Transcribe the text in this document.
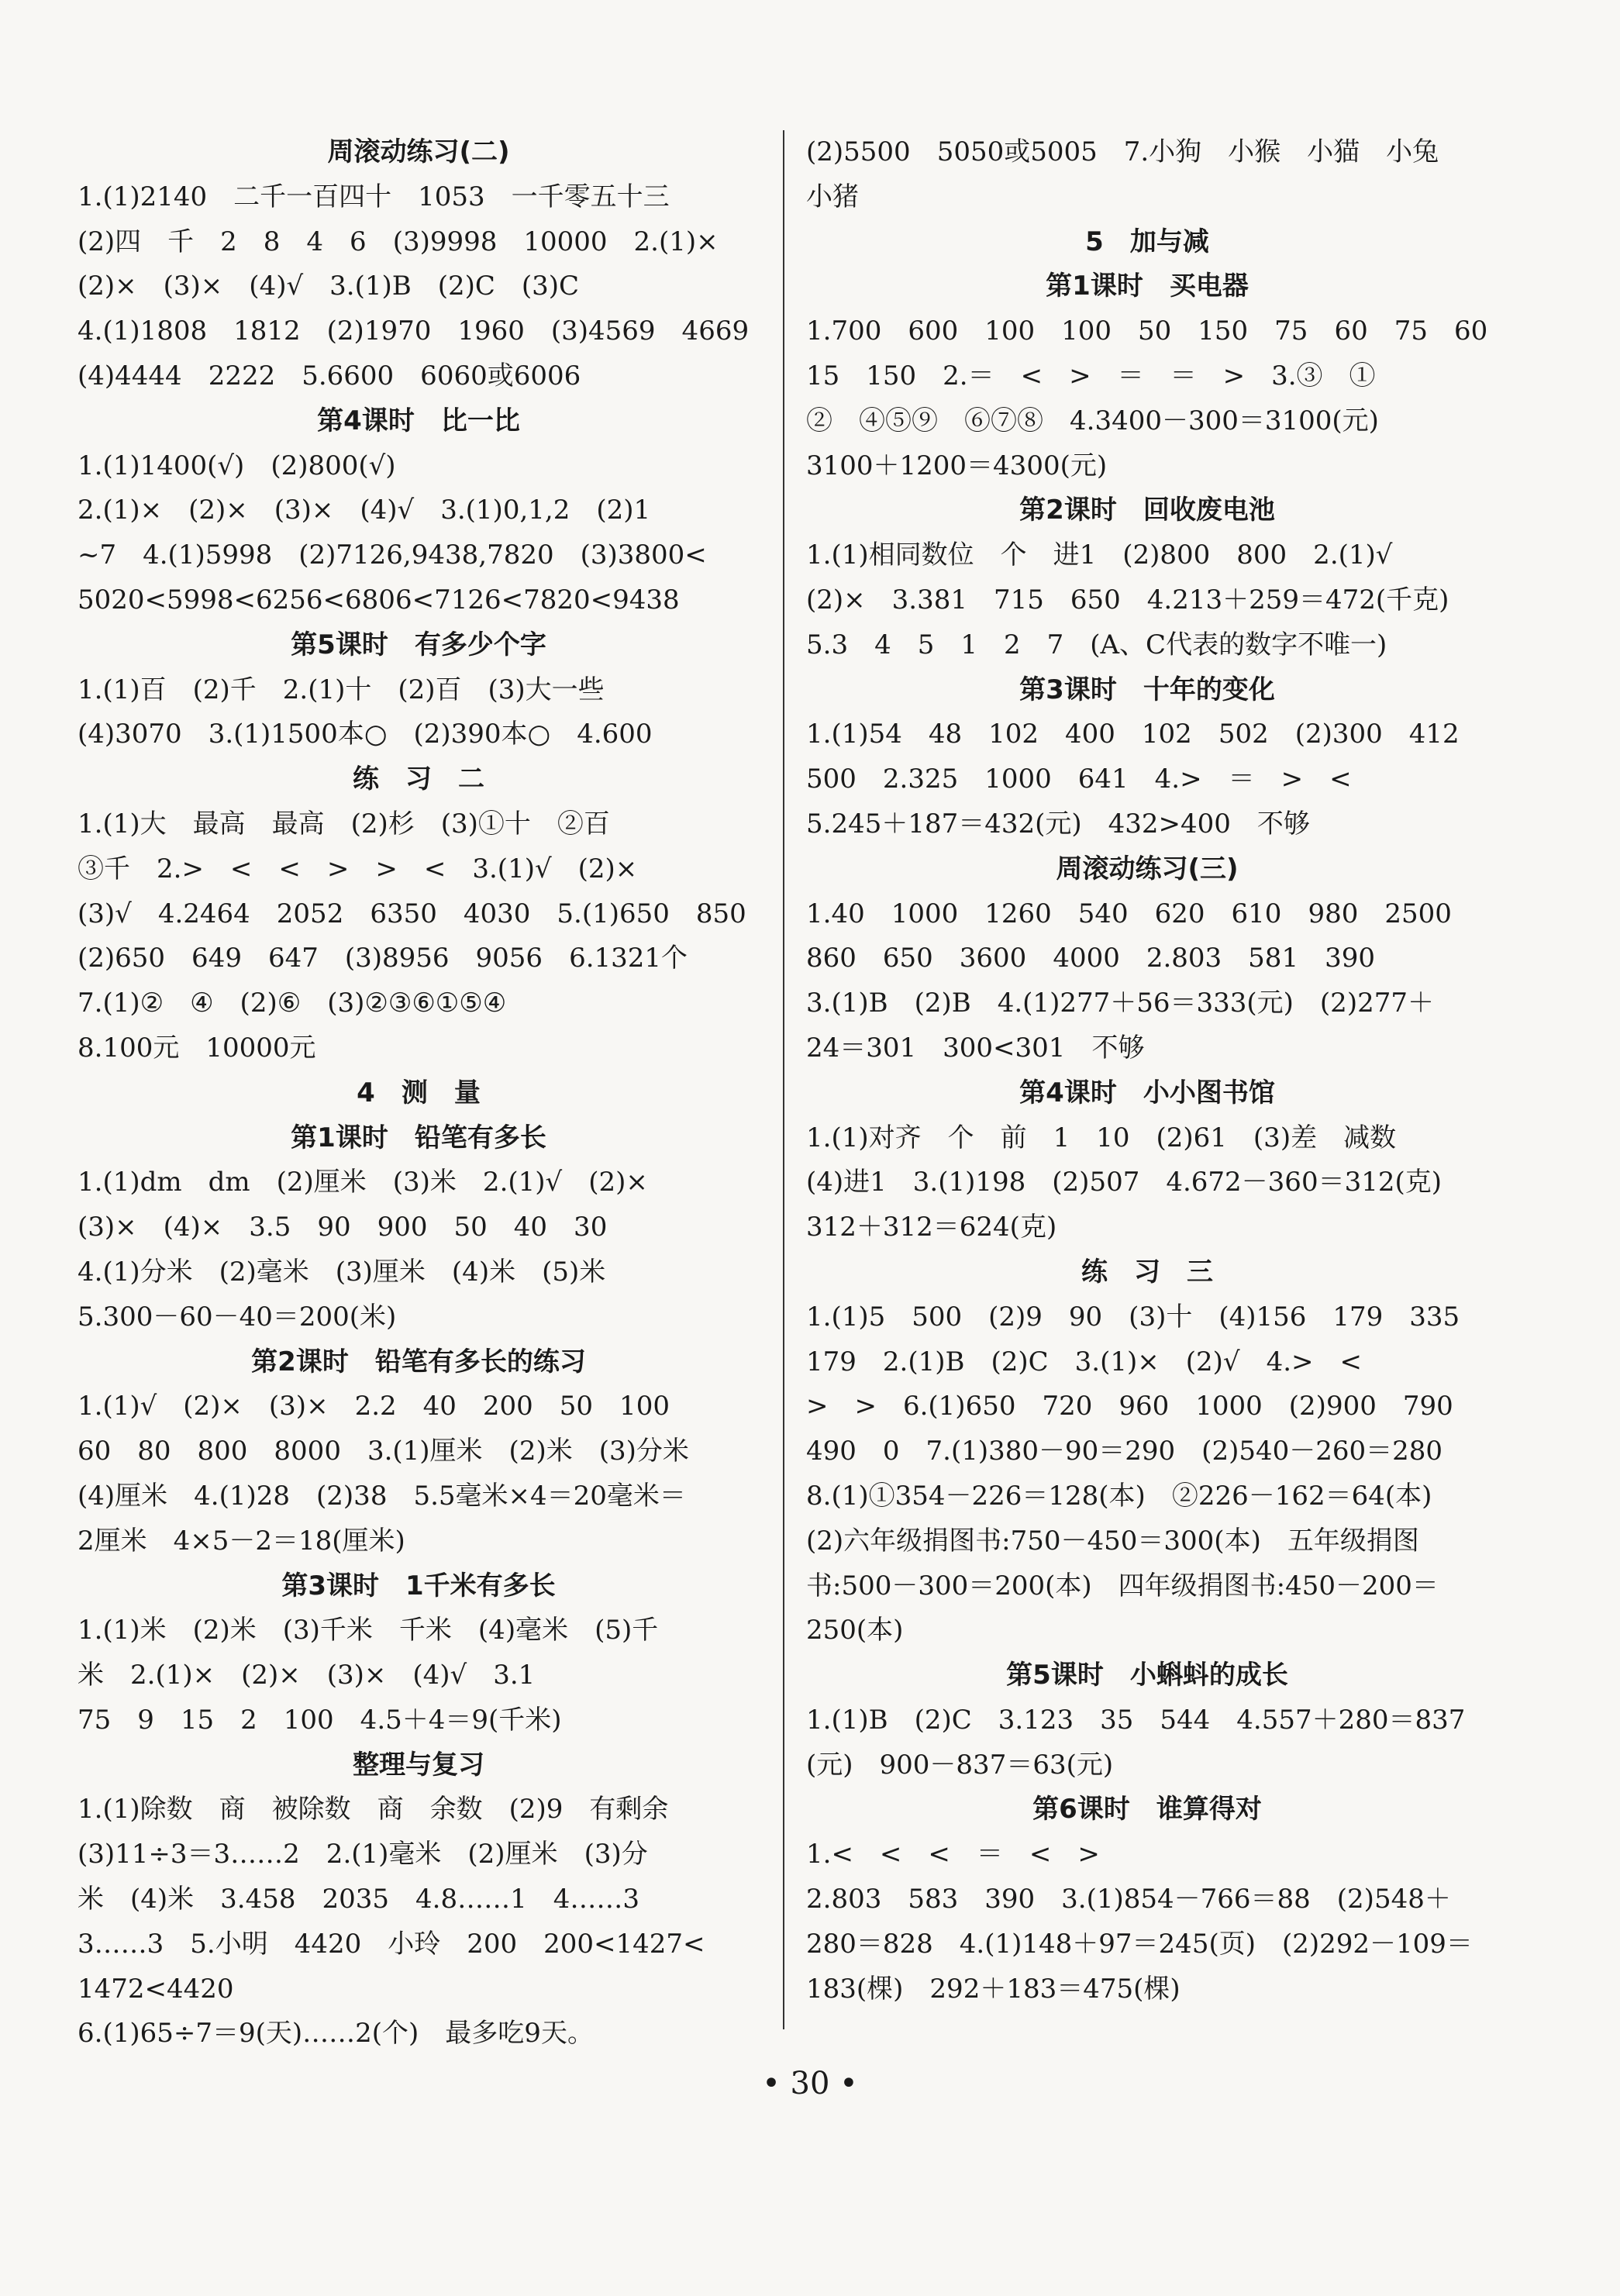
周滚动练习(二)
1.(1)2140　二千一百四十　1053　一千零五十三
(2)四　千　2　8　4　6　(3)9998　10000　2.(1)×
(2)×　(3)×　(4)√　3.(1)B　(2)C　(3)C
4.(1)1808　1812　(2)1970　1960　(3)4569　4669
(4)4444　2222　5.6600　6060或6006
第4课时　比一比
1.(1)1400(√)　(2)800(√)
2.(1)×　(2)×　(3)×　(4)√　3.(1)0,1,2　(2)1
~7　4.(1)5998　(2)7126,9438,7820　(3)3800<
5020<5998<6256<6806<7126<7820<9438
第5课时　有多少个字
1.(1)百　(2)千　2.(1)十　(2)百　(3)大一些
(4)3070　3.(1)1500本○　(2)390本○　4.600
练　习　二
1.(1)大　最高　最高　(2)杉　(3)①十　②百
③千　2.>　<　<　>　>　<　3.(1)√　(2)×
(3)√　4.2464　2052　6350　4030　5.(1)650　850
(2)650　649　647　(3)8956　9056　6.1321个
7.(1)②　④　(2)⑥　(3)②③⑥①⑤④
8.100元　10000元
4　测　量
第1课时　铅笔有多长
1.(1)dm　dm　(2)厘米　(3)米　2.(1)√　(2)×
(3)×　(4)×　3.5　90　900　50　40　30
4.(1)分米　(2)毫米　(3)厘米　(4)米　(5)米
5.300－60－40＝200(米)
第2课时　铅笔有多长的练习
1.(1)√　(2)×　(3)×　2.2　40　200　50　100
60　80　800　8000　3.(1)厘米　(2)米　(3)分米
(4)厘米　4.(1)28　(2)38　5.5毫米×4＝20毫米＝
2厘米　4×5－2＝18(厘米)
第3课时　1千米有多长
1.(1)米　(2)米　(3)千米　千米　(4)毫米　(5)千
米　2.(1)×　(2)×　(3)×　(4)√　3.1
75　9　15　2　100　4.5＋4＝9(千米)
整理与复习
1.(1)除数　商　被除数　商　余数　(2)9　有剩余
(3)11÷3＝3……2　2.(1)毫米　(2)厘米　(3)分
米　(4)米　3.458　2035　4.8……1　4……3
3……3　5.小明　4420　小玲　200　200<1427<
1472<4420
6.(1)65÷7＝9(天)……2(个)　最多吃9天。
(2)5500　5050或5005　7.小狗　小猴　小猫　小兔
小猪
5　加与减
第1课时　买电器
1.700　600　100　100　50　150　75　60　75　60
15　150　2.＝　<　>　＝　＝　>　3.③　①
②　④⑤⑨　⑥⑦⑧　4.3400－300＝3100(元)
3100＋1200＝4300(元)
第2课时　回收废电池
1.(1)相同数位　个　进1　(2)800　800　2.(1)√
(2)×　3.381　715　650　4.213＋259＝472(千克)
5.3　4　5　1　2　7　(A、C代表的数字不唯一)
第3课时　十年的变化
1.(1)54　48　102　400　102　502　(2)300　412
500　2.325　1000　641　4.>　＝　>　<
5.245＋187＝432(元)　432>400　不够
周滚动练习(三)
1.40　1000　1260　540　620　610　980　2500
860　650　3600　4000　2.803　581　390
3.(1)B　(2)B　4.(1)277＋56＝333(元)　(2)277＋
24＝301　300<301　不够
第4课时　小小图书馆
1.(1)对齐　个　前　1　10　(2)61　(3)差　减数
(4)进1　3.(1)198　(2)507　4.672－360＝312(克)
312＋312＝624(克)
练　习　三
1.(1)5　500　(2)9　90　(3)十　(4)156　179　335
179　2.(1)B　(2)C　3.(1)×　(2)√　4.>　<
>　>　6.(1)650　720　960　1000　(2)900　790
490　0　7.(1)380－90＝290　(2)540－260＝280
8.(1)①354－226＝128(本)　②226－162＝64(本)
(2)六年级捐图书:750－450＝300(本)　五年级捐图
书:500－300＝200(本)　四年级捐图书:450－200＝
250(本)
第5课时　小蝌蚪的成长
1.(1)B　(2)C　3.123　35　544　4.557＋280＝837
(元)　900－837＝63(元)
第6课时　谁算得对
1.<　<　<　＝　<　>
2.803　583　390　3.(1)854－766＝88　(2)548＋
280＝828　4.(1)148＋97＝245(页)　(2)292－109＝
183(棵)　292＋183＝475(棵)
• 30 •
